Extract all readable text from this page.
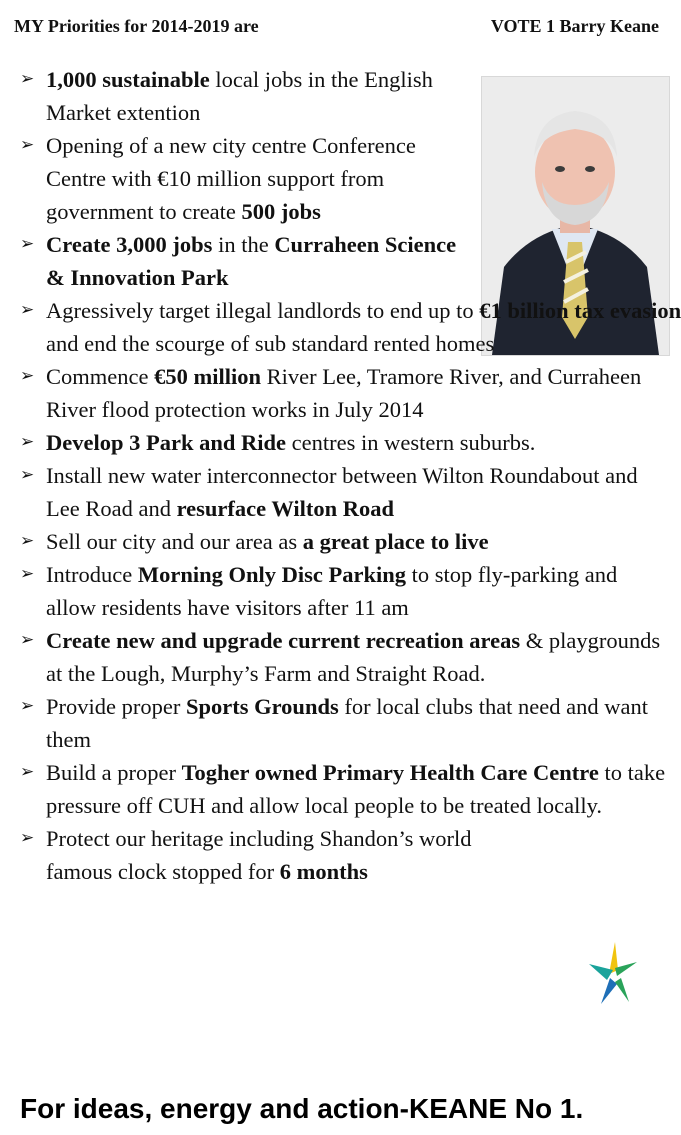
MY Priorities for 2014-2019 are	VOTE 1 Barry Keane
➢ 1,000 sustainable local jobs in the English Market extention
➢ Opening of a new city centre Conference Centre with €10 million support from government to create 500 jobs
➢ Create 3,000 jobs in the Curraheen Science & Innovation Park
➢ Agressively target illegal landlords to end up to €1 billion tax evasion and end the scourge of sub standard rented homes
➢ Commence €50 million River Lee, Tramore River, and Curraheen River flood protection works in July 2014
➢ Develop 3 Park and Ride centres in western suburbs.
➢ Install new water interconnector between Wilton Roundabout and Lee Road and resurface Wilton Road
➢ Sell our city and our area as a great place to live
➢ Introduce Morning Only Disc Parking to stop fly-parking and allow residents have visitors after 11 am
➢ Create new and upgrade current recreation areas & playgrounds at the Lough, Murphy’s Farm and Straight Road.
➢ Provide proper Sports Grounds for local clubs that need and want them
➢ Build a proper Togher owned Primary Health Care Centre to take pressure off CUH and allow local people to be treated locally.
➢ Protect our heritage including Shandon’s world famous clock stopped for 6 months
For ideas, energy and action-KEANE No 1.
